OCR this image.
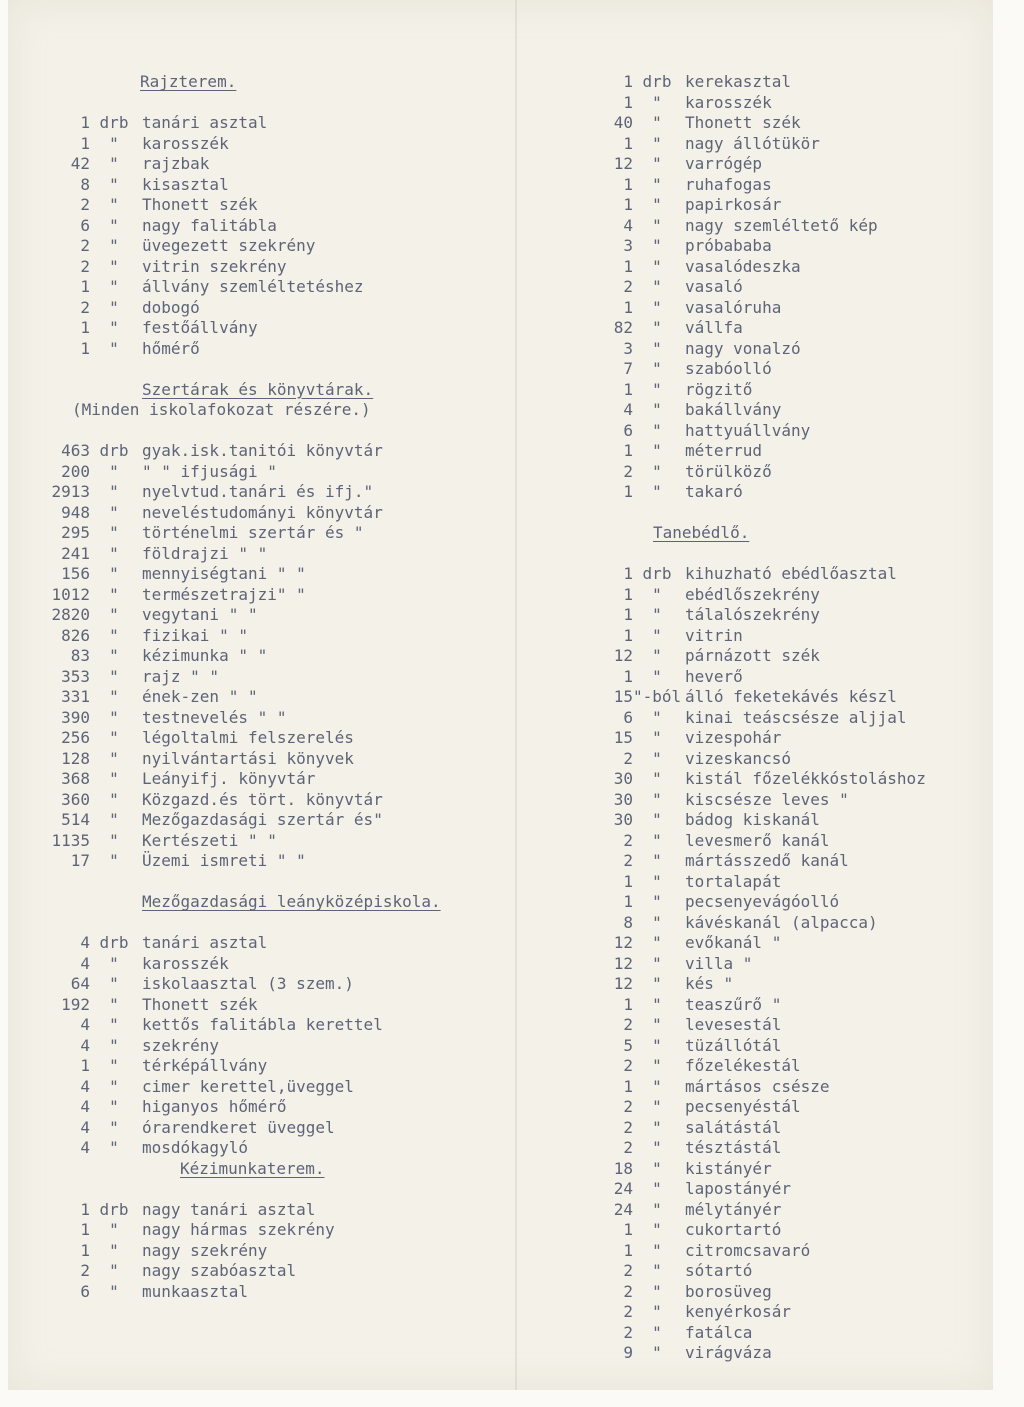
Rajzterem.
1 drb tanári asztal
1	"	karosszék
42	"	rajzbak
8	"	kisasztal
2	"	Thonett szék
6	"	nagy falitábla
2	"	üvegezett szekrény
2	"	vitrin szekrény
1	"	állvány szemléltetéshez
2	"	dobogó
1	"	festőállvány
1	"	hőmérő
Szertárak és könyvtárak.
(Minden iskolafokozat részére.)
463 drb gyak.isk.tanitói könyvtár
200	"	" " ifjusági "
2913	"	nyelvtud.tanári és ifj."
948	"	neveléstudományi könyvtár
295	"	történelmi szertár és "
241	"	földrajzi " "
156	"	mennyiségtani " "
1012	"	természetrajzi" "
2820	"	vegytani " "
826	"	fizikai " "
83	"	kézimunka " "
353	"	rajz " "
331	"	ének-zen " "
390	"	testnevelés " "
256	"	légoltalmi felszerelés
128	"	nyilvántartási könyvek
368	"	Leányifj. könyvtár
360	"	Közgazd.és tört. könyvtár
514	"	Mezőgazdasági szertár és"
1135	"	Kertészeti " "
17	"	Üzemi ismreti " "
Mezőgazdasági leányközépiskola.
4 drb tanári asztal
4	"	karosszék
64	"	iskolaasztal (3 szem.)
192	"	Thonett szék
4	"	kettős falitábla kerettel
4	"	szekrény
1	"	térképállvány
4	"	cimer kerettel,üveggel
4	"	higanyos hőmérő
4	"	órarendkeret üveggel
4	"	mosdókagyló
Kézimunkaterem.
1 drb nagy tanári asztal
1	"	nagy hármas szekrény
1	"	nagy szekrény
2	"	nagy szabóasztal
6	"	munkaasztal
1 drb kerekasztal
1	"	karosszék
40	"	Thonett szék
1	"	nagy állótükör
12	"	varrógép
1	"	ruhafogas
1	"	papirkosár
4	"	nagy szemléltető kép
3	"	próbababa
1	"	vasalódeszka
2	"	vasaló
1	"	vasalóruha
82	"	vállfa
3	"	nagy vonalzó
7	"	szabóolló
1	"	rögzitő
4	"	bakállvány
6	"	hattyuállvány
1	"	méterrud
2	"	törülköző
1	"	takaró
Tanebédlő.
1 drb kihuzható ebédlőasztal
1	"	ebédlőszekrény
1	"	tálalószekrény
1	"	vitrin
12	"	párnázott szék
1	"	heverő
15 "-ból álló feketekávés készl
6	"	kinai teáscsésze aljjal
15	"	vizespohár
2	"	vizeskancsó
30	"	kistál főzelékkóstoláshoz
30	"	kiscsésze leves "
30	"	bádog kiskanál
2	"	levesmerő kanál
2	"	mártásszedő kanál
1	"	tortalapát
1	"	pecsenyevágóolló
8	"	kávéskanál (alpacca)
12	"	evőkanál "
12	"	villa "
12	"	kés "
1	"	teaszűrő "
2	"	levesestál
5	"	tüzállótál
2	"	főzelékestál
1	"	mártásos csésze
2	"	pecsenyéstál
2	"	salátástál
2	"	tésztástál
18	"	kistányér
24	"	lapostányér
24	"	mélytányér
1	"	cukortartó
1	"	citromcsavaró
2	"	sótartó
2	"	borosüveg
2	"	kenyérkosár
2	"	fatálca
9	"	virágváza
